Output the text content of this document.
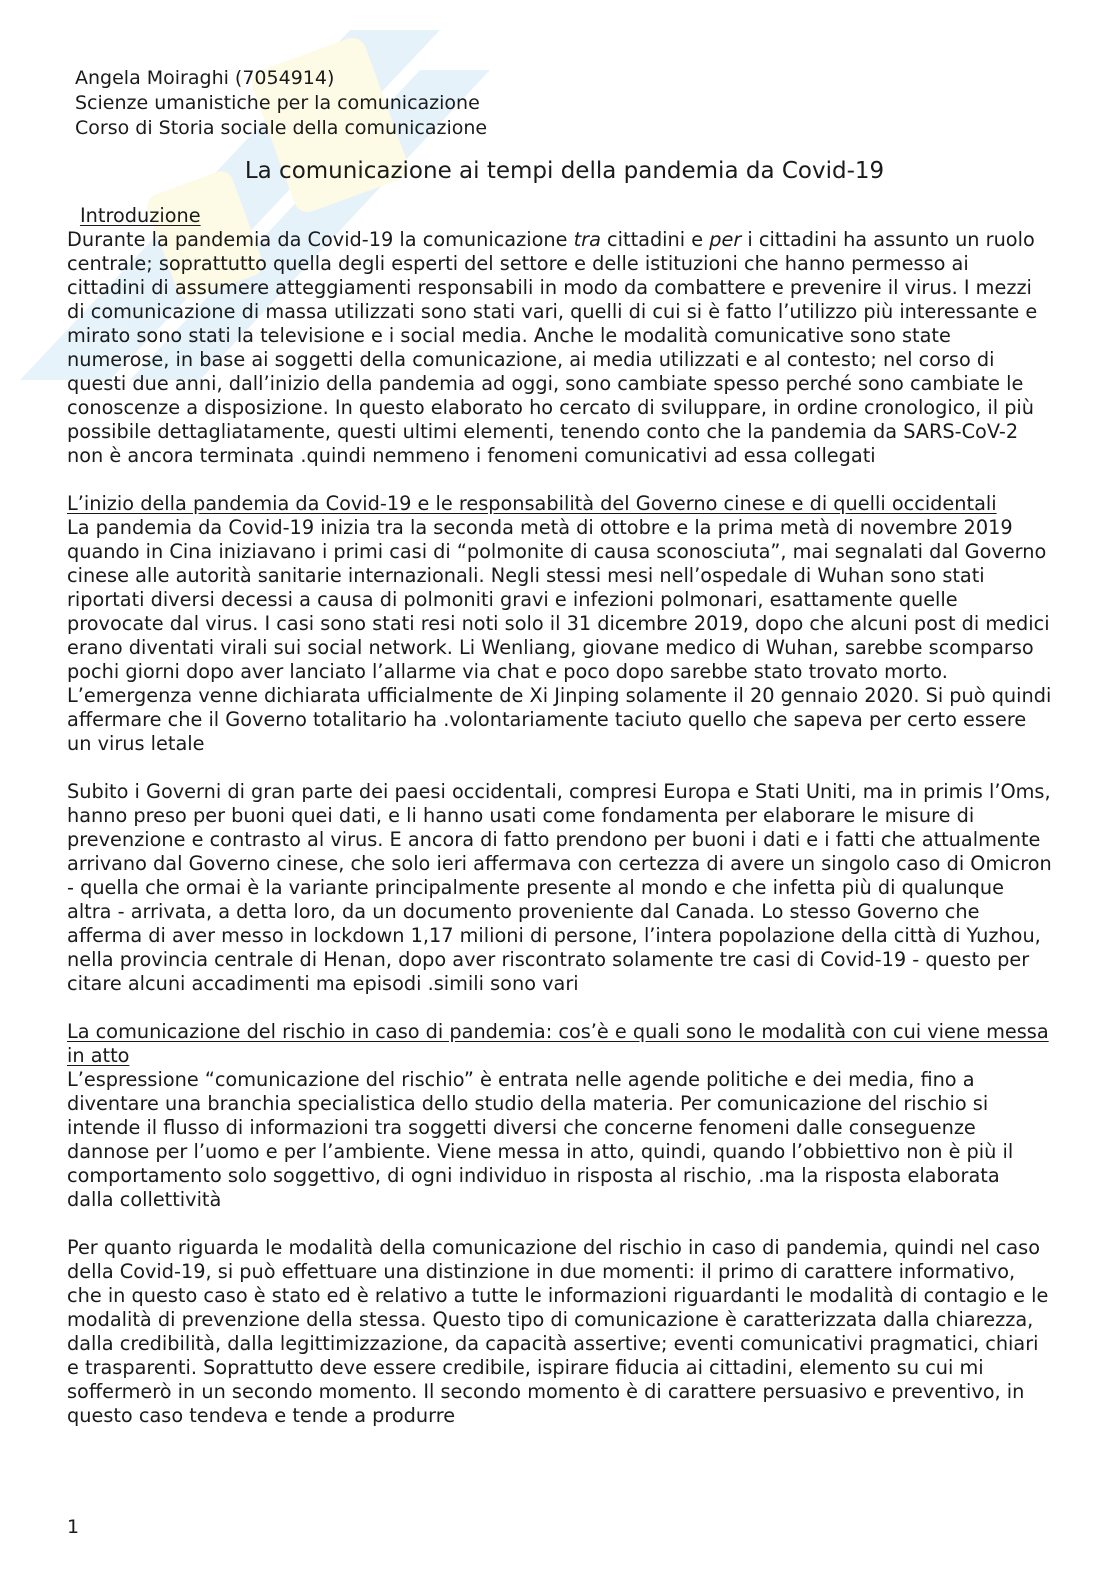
Angela Moiraghi (7054914)
Scienze umanistiche per la comunicazione
Corso di Storia sociale della comunicazione
La comunicazione ai tempi della pandemia da Covid-19
Introduzione

Durante la pandemia da Covid-19 la comunicazione tra cittadini e per i cittadini ha assunto un ruolo centrale; soprattutto quella degli esperti del settore e delle istituzioni che hanno permesso ai cittadini di assumere atteggiamenti responsabili in modo da combattere e prevenire il virus. I mezzi di comunicazione di massa utilizzati sono stati vari, quelli di cui si è fatto l’utilizzo più interessante e mirato sono stati la televisione e i social media. Anche le modalità comunicative sono state numerose, in base ai soggetti della comunicazione, ai media utilizzati e al contesto; nel corso di questi due anni, dall’inizio della pandemia ad oggi, sono cambiate spesso perché sono cambiate le conoscenze a disposizione. In questo elaborato ho cercato di sviluppare, in ordine cronologico, il più possibile dettagliatamente, questi ultimi elementi, tenendo conto che la pandemia da SARS-CoV-2 non è ancora terminata .quindi nemmeno i fenomeni comunicativi ad essa collegati

L’inizio della pandemia da Covid-19 e le responsabilità del Governo cinese e di quelli occidentali

La pandemia da Covid-19 inizia tra la seconda metà di ottobre e la prima metà di novembre 2019 quando in Cina iniziavano i primi casi di “polmonite di causa sconosciuta”, mai segnalati dal Governo cinese alle autorità sanitarie internazionali. Negli stessi mesi nell’ospedale di Wuhan sono stati riportati diversi decessi a causa di polmoniti gravi e infezioni polmonari, esattamente quelle provocate dal virus. I casi sono stati resi noti solo il 31 dicembre 2019, dopo che alcuni post di medici erano diventati virali sui social network. Li Wenliang, giovane medico di Wuhan, sarebbe scomparso pochi giorni dopo aver lanciato l’allarme via chat e poco dopo sarebbe stato trovato morto. L’emergenza venne dichiarata ufficialmente de Xi Jinping solamente il 20 gennaio 2020. Si può quindi affermare che il Governo totalitario ha .volontariamente taciuto quello che sapeva per certo essere un virus letale

Subito i Governi di gran parte dei paesi occidentali, compresi Europa e Stati Uniti, ma in primis l’Oms, hanno preso per buoni quei dati, e li hanno usati come fondamenta per elaborare le misure di prevenzione e contrasto al virus. E ancora di fatto prendono per buoni i dati e i fatti che attualmente arrivano dal Governo cinese, che solo ieri affermava con certezza di avere un singolo caso di Omicron - quella che ormai è la variante principalmente presente al mondo e che infetta più di qualunque altra - arrivata, a detta loro, da un documento proveniente dal Canada. Lo stesso Governo che afferma di aver messo in lockdown 1,17 milioni di persone, l’intera popolazione della città di Yuzhou, nella provincia centrale di Henan, dopo aver riscontrato solamente tre casi di Covid-19 - questo per citare alcuni accadimenti ma episodi .simili sono vari

La comunicazione del rischio in caso di pandemia: cos’è e quali sono le modalità con cui viene messa in atto

L’espressione “comunicazione del rischio” è entrata nelle agende politiche e dei media, fino a diventare una branchia specialistica dello studio della materia. Per comunicazione del rischio si intende il flusso di informazioni tra soggetti diversi che concerne fenomeni dalle conseguenze dannose per l’uomo e per l’ambiente. Viene messa in atto, quindi, quando l’obbiettivo non è più il comportamento solo soggettivo, di ogni individuo in risposta al rischio, .ma la risposta elaborata dalla collettività

Per quanto riguarda le modalità della comunicazione del rischio in caso di pandemia, quindi nel caso della Covid-19, si può effettuare una distinzione in due momenti: il primo di carattere informativo, che in questo caso è stato ed è relativo a tutte le informazioni riguardanti le modalità di contagio e le modalità di prevenzione della stessa. Questo tipo di comunicazione è caratterizzata dalla chiarezza, dalla credibilità, dalla legittimizzazione, da capacità assertive; eventi comunicativi pragmatici, chiari e trasparenti. Soprattutto deve essere credibile, ispirare fiducia ai cittadini, elemento su cui mi soffermerò in un secondo momento. Il secondo momento è di carattere persuasivo e preventivo, in questo caso tendeva e tende a produrre

1
